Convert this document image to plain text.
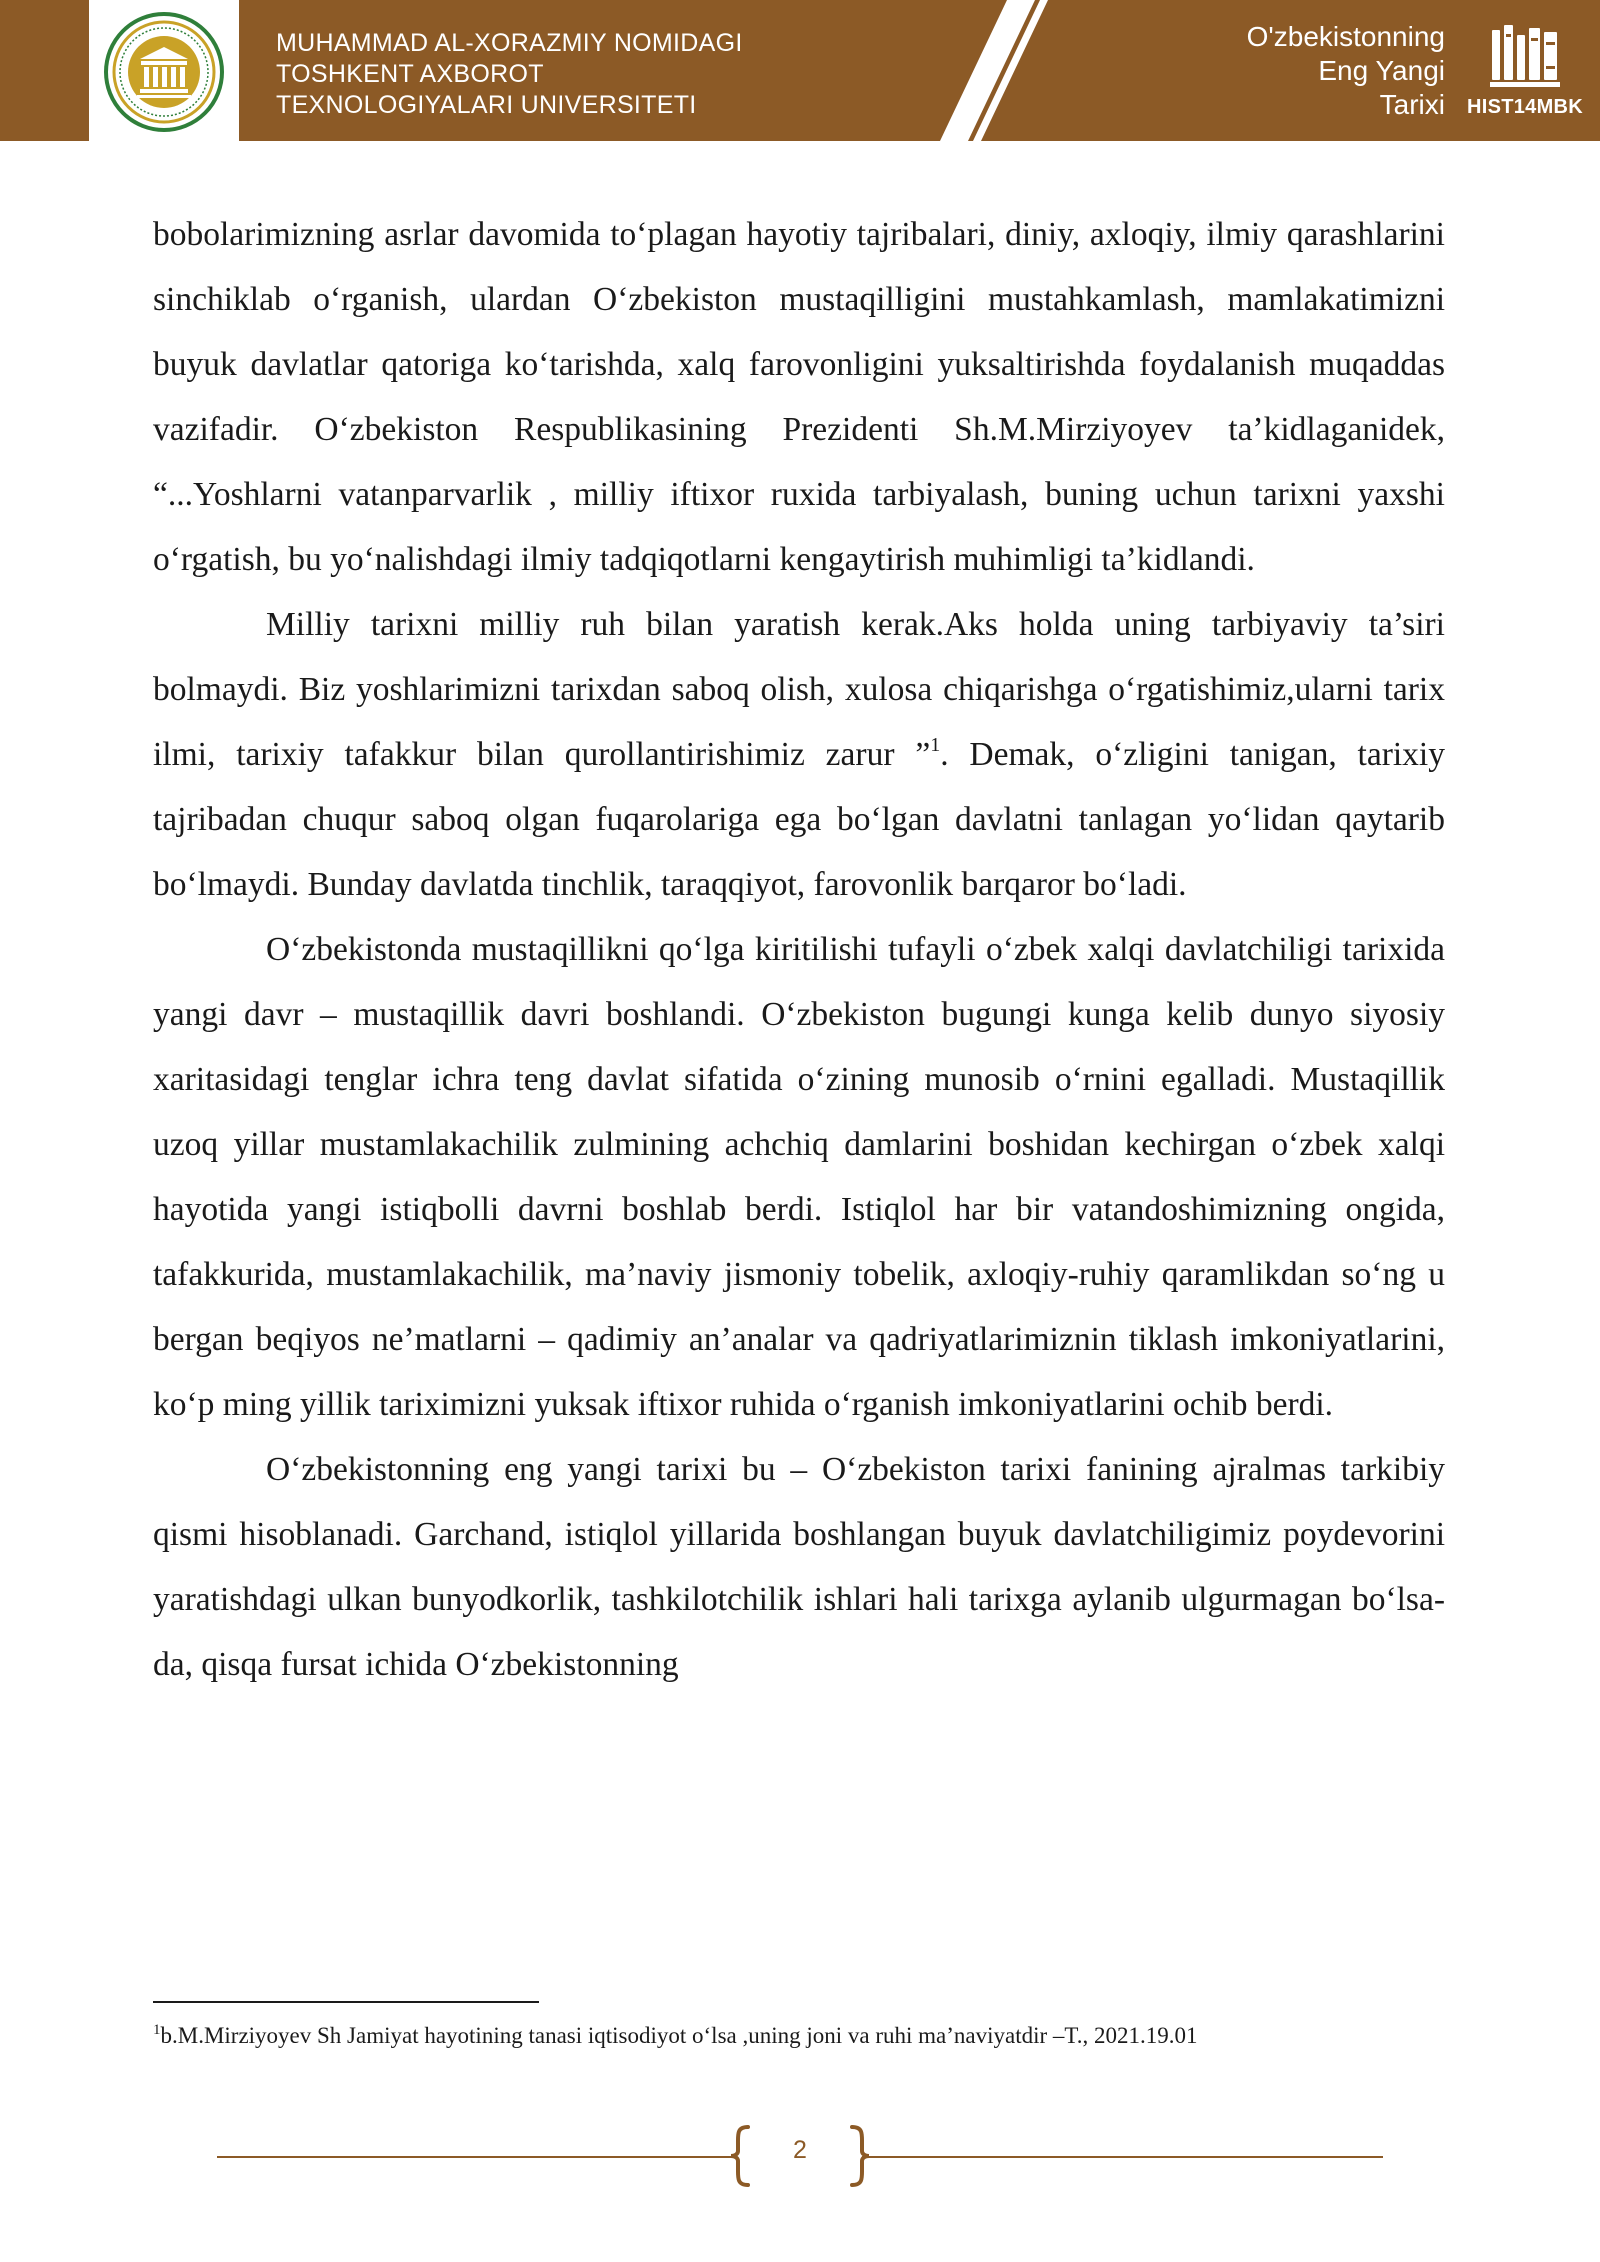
MUHAMMAD AL-XORAZMIY NOMIDAGI
TOSHKENT AXBOROT
TEXNOLOGIYALARI UNIVERSITETI
O'zbekistonning
Eng Yangi
Tarixi	HIST14MBK

bobolarimizning asrlar davomida to‘plagan hayotiy tajribalari, diniy, axloqiy, ilmiy qarashlarini sinchiklab o‘rganish, ulardan O‘zbekiston mustaqilligini mustahkamlash, mamlakatimizni buyuk davlatlar qatoriga ko‘tarishda, xalq farovonligini yuksaltirishda foydalanish muqaddas vazifadir. O‘zbekiston Respublikasining Prezidenti Sh.M.Mirziyoyev ta’kidlaganidek, “...Yoshlarni vatanparvarlik , milliy iftixor ruxida tarbiyalash, buning uchun tarixni yaxshi o‘rgatish, bu yo‘nalishdagi ilmiy tadqiqotlarni kengaytirish muhimligi ta’kidlandi.

Milliy tarixni milliy ruh bilan yaratish kerak.Aks holda uning tarbiyaviy ta’siri bolmaydi. Biz yoshlarimizni tarixdan saboq olish, xulosa chiqarishga o‘rgatishimiz,ularni tarix ilmi, tarixiy tafakkur bilan qurollantirishimiz zarur ”$^1$. Demak, o‘zligini tanigan, tarixiy tajribadan chuqur saboq olgan fuqarolariga ega bo‘lgan davlatni tanlagan yo‘lidan qaytarib bo‘lmaydi. Bunday davlatda tinchlik, taraqqiyot, farovonlik barqaror bo‘ladi.

O‘zbekistonda mustaqillikni qo‘lga kiritilishi tufayli o‘zbek xalqi davlatchiligi tarixida yangi davr – mustaqillik davri boshlandi. O‘zbekiston bugungi kunga kelib dunyo siyosiy xaritasidagi tenglar ichra teng davlat sifatida o‘zining munosib o‘rnini egalladi. Mustaqillik uzoq yillar mustamlakachilik zulmining achchiq damlarini boshidan kechirgan o‘zbek xalqi hayotida yangi istiqbolli davrni boshlab berdi. Istiqlol har bir vatandoshimizning ongida, tafakkurida, mustamlakachilik, ma’naviy jismoniy tobelik, axloqiy-ruhiy qaramlikdan so‘ng u bergan beqiyos ne’matlarni – qadimiy an’analar va qadriyatlarimiznin tiklash imkoniyatlarini, ko‘p ming yillik tariximizni yuksak iftixor ruhida o‘rganish imkoniyatlarini ochib berdi.

O‘zbekistonning eng yangi tarixi bu – O‘zbekiston tarixi fanining ajralmas tarkibiy qismi hisoblanadi. Garchand, istiqlol yillarida boshlangan buyuk davlatchiligimiz poydevorini yaratishdagi ulkan bunyodkorlik, tashkilotchilik ishlari hali tarixga aylanib ulgurmagan bo‘lsa-da, qisqa fursat ichida O‘zbekistonning

$^1$b.M.Mirziyoyev Sh Jamiyat hayotining tanasi iqtisodiyot o‘lsa ,uning joni va ruhi ma’naviyatdir –T., 2021.19.01
2
